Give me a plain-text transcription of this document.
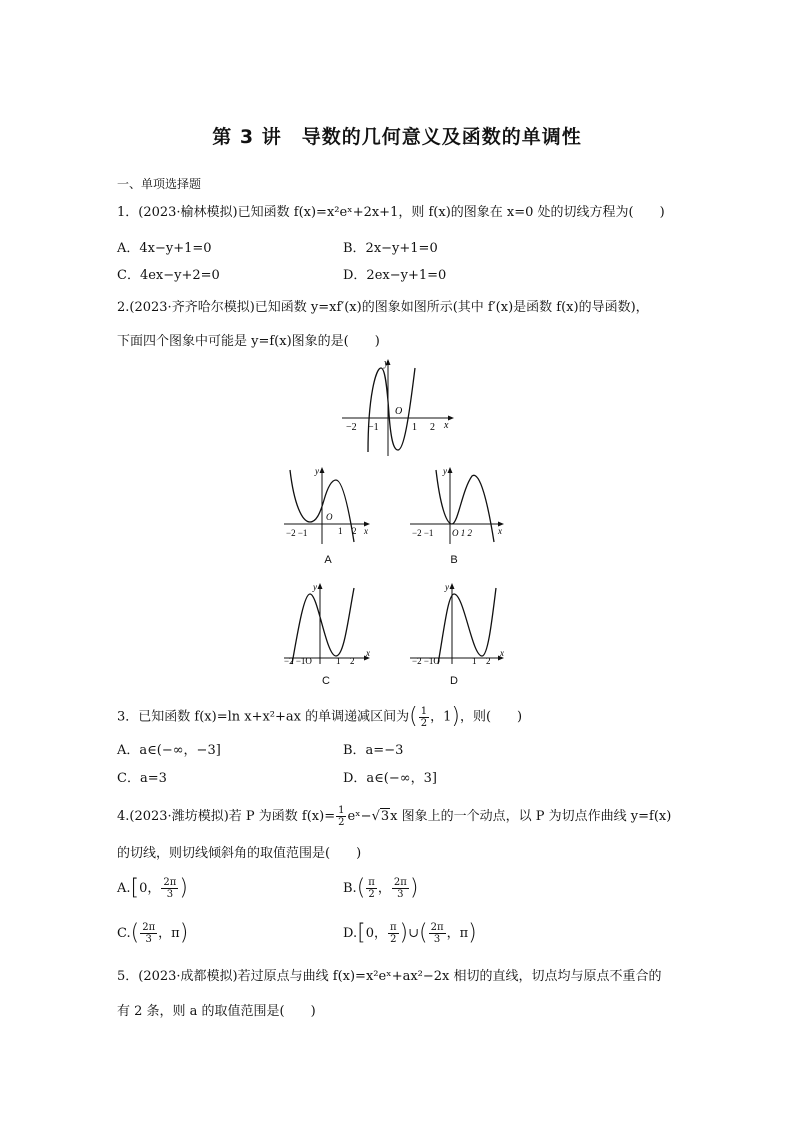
第 3 讲　导数的几何意义及函数的单调性
一、单项选择题
1．(2023·榆林模拟)已知函数 f(x)=x²eˣ+2x+1，则 f(x)的图象在 x=0 处的切线方程为(　　)
A．4x−y+1=0	B．2x−y+1=0
C．4ex−y+2=0	D．2ex−y+1=0
2.(2023·齐齐哈尔模拟)已知函数 y=xf′(x)的图象如图所示(其中 f′(x)是函数 f(x)的导函数)，
下面四个图象中可能是 y=f(x)图象的是(　　)
y
x
O
−2 −1	1 2
y
x
O
−2 −1	1 2
A
y
x
−2 −1 O 1 2
B
y
x
−2 −1O	1 2
C
y
x
−2 −1O	1 2
D
3．已知函数 f(x)=ln x+x²+ax 的单调递减区间为( $\frac{1}{2}$ ，1)，则(　　)
A．a∈(−∞，−3]	B．a=−3
C．a=3	D．a∈(−∞，3]
4.(2023·潍坊模拟)若 P 为函数 $f(x)= \frac{1}{2}$ eˣ−√3x 图象上的一个动点，以 P 为切点作曲线 y=f(x)
的切线，则切线倾斜角的取值范围是(　　)
A.[0， $\frac{2\pi}{3}$ )	$B.( \frac{\pi}{2}$ ， $\frac{2\pi}{3}$ )
$C.( \frac{2\pi}{3}$ ，π)	D.[0， $\frac{\pi}{2}$ )∪( $\frac{2\pi}{3}$ ，π)
5．(2023·成都模拟)若过原点与曲线 f(x)=x²eˣ+ax²−2x 相切的直线，切点均与原点不重合的
有 2 条，则 a 的取值范围是(　　)
